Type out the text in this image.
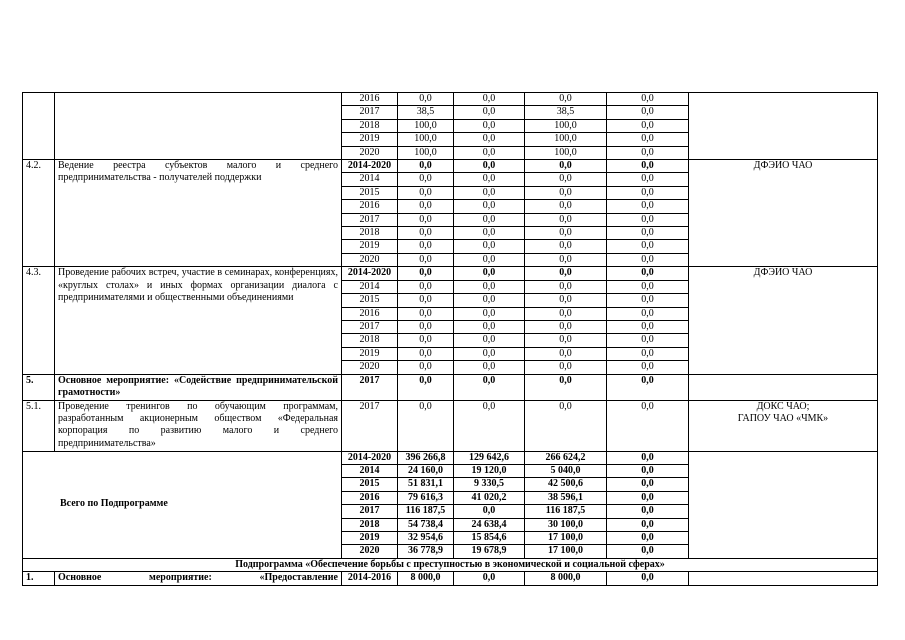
		2016	0,0	0,0	0,0	0,0	
		2017	38,5	0,0	38,5	0,0	
		2018	100,0	0,0	100,0	0,0	
		2019	100,0	0,0	100,0	0,0	
		2020	100,0	0,0	100,0	0,0	
4.2.	Ведение реестра субъектов малого и среднего предпринимательства - получателей поддержки	2014-2020	0,0	0,0	0,0	0,0	ДФЭИО ЧАО
		2014	0,0	0,0	0,0	0,0	
		2015	0,0	0,0	0,0	0,0	
		2016	0,0	0,0	0,0	0,0	
		2017	0,0	0,0	0,0	0,0	
		2018	0,0	0,0	0,0	0,0	
		2019	0,0	0,0	0,0	0,0	
		2020	0,0	0,0	0,0	0,0	
4.3.	Проведение рабочих встреч, участие в семинарах, конференциях, «круглых столах» и иных формах организации диалога с предпринимателями и общественными объединениями	2014-2020	0,0	0,0	0,0	0,0	ДФЭИО ЧАО
		2014	0,0	0,0	0,0	0,0	
		2015	0,0	0,0	0,0	0,0	
		2016	0,0	0,0	0,0	0,0	
		2017	0,0	0,0	0,0	0,0	
		2018	0,0	0,0	0,0	0,0	
		2019	0,0	0,0	0,0	0,0	
		2020	0,0	0,0	0,0	0,0	
5.	Основное мероприятие: «Содействие предпринимательской грамотности»	2017	0,0	0,0	0,0	0,0	
5.1.	Проведение тренингов по обучающим программам, разработанным акционерным обществом «Федеральная корпорация по развитию малого и среднего предпринимательства»	2017	0,0	0,0	0,0	0,0	ДОКС ЧАО;
ГАПОУ ЧАО «ЧМК»

Всего по Подпрограмме		2014-2020	396 266,8	129 642,6	266 624,2	0,0	
		2014	24 160,0	19 120,0	5 040,0	0,0	
		2015	51 831,1	9 330,5	42 500,6	0,0	
		2016	79 616,3	41 020,2	38 596,1	0,0	
		2017	116 187,5	0,0	116 187,5	0,0	
		2018	54 738,4	24 638,4	30 100,0	0,0	
		2019	32 954,6	15 854,6	17 100,0	0,0	
		2020	36 778,9	19 678,9	17 100,0	0,0	
Подпрограмма «Обеспечение борьбы с преступностью в экономической и социальной сферах»							
1.	Основное мероприятие: «Предоставление	2014-2016	8 000,0	0,0	8 000,0	0,0	
